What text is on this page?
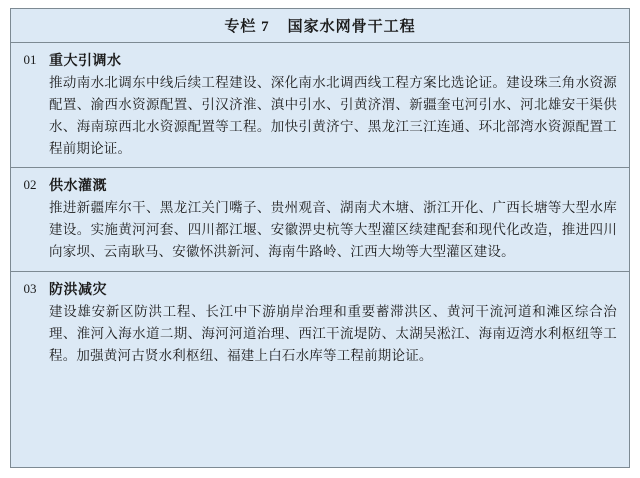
专栏 7 国家水网骨干工程
01 重大引调水

推动南水北调东中线后续工程建设、深化南水北调西线工程方案比选论证。建设珠三角水资源配置、渝西水资源配置、引汉济淮、滇中引水、引黄济渭、新疆奎屯河引水、河北雄安干渠供水、海南琼西北水资源配置等工程。加快引黄济宁、黑龙江三江连通、环北部湾水资源配置工程前期论证。

02 供水灌溉

推进新疆库尔干、黑龙江关门嘴子、贵州观音、湖南犬木塘、浙江开化、广西长塘等大型水库建设。实施黄河河套、四川都江堰、安徽淠史杭等大型灌区续建配套和现代化改造，推进四川向家坝、云南耿马、安徽怀洪新河、海南牛路岭、江西大坳等大型灌区建设。

03 防洪减灾

建设雄安新区防洪工程、长江中下游崩岸治理和重要蓄滞洪区、黄河干流河道和滩区综合治理、淮河入海水道二期、海河河道治理、西江干流堤防、太湖吴淞江、海南迈湾水利枢纽等工程。加强黄河古贤水利枢纽、福建上白石水库等工程前期论证。
